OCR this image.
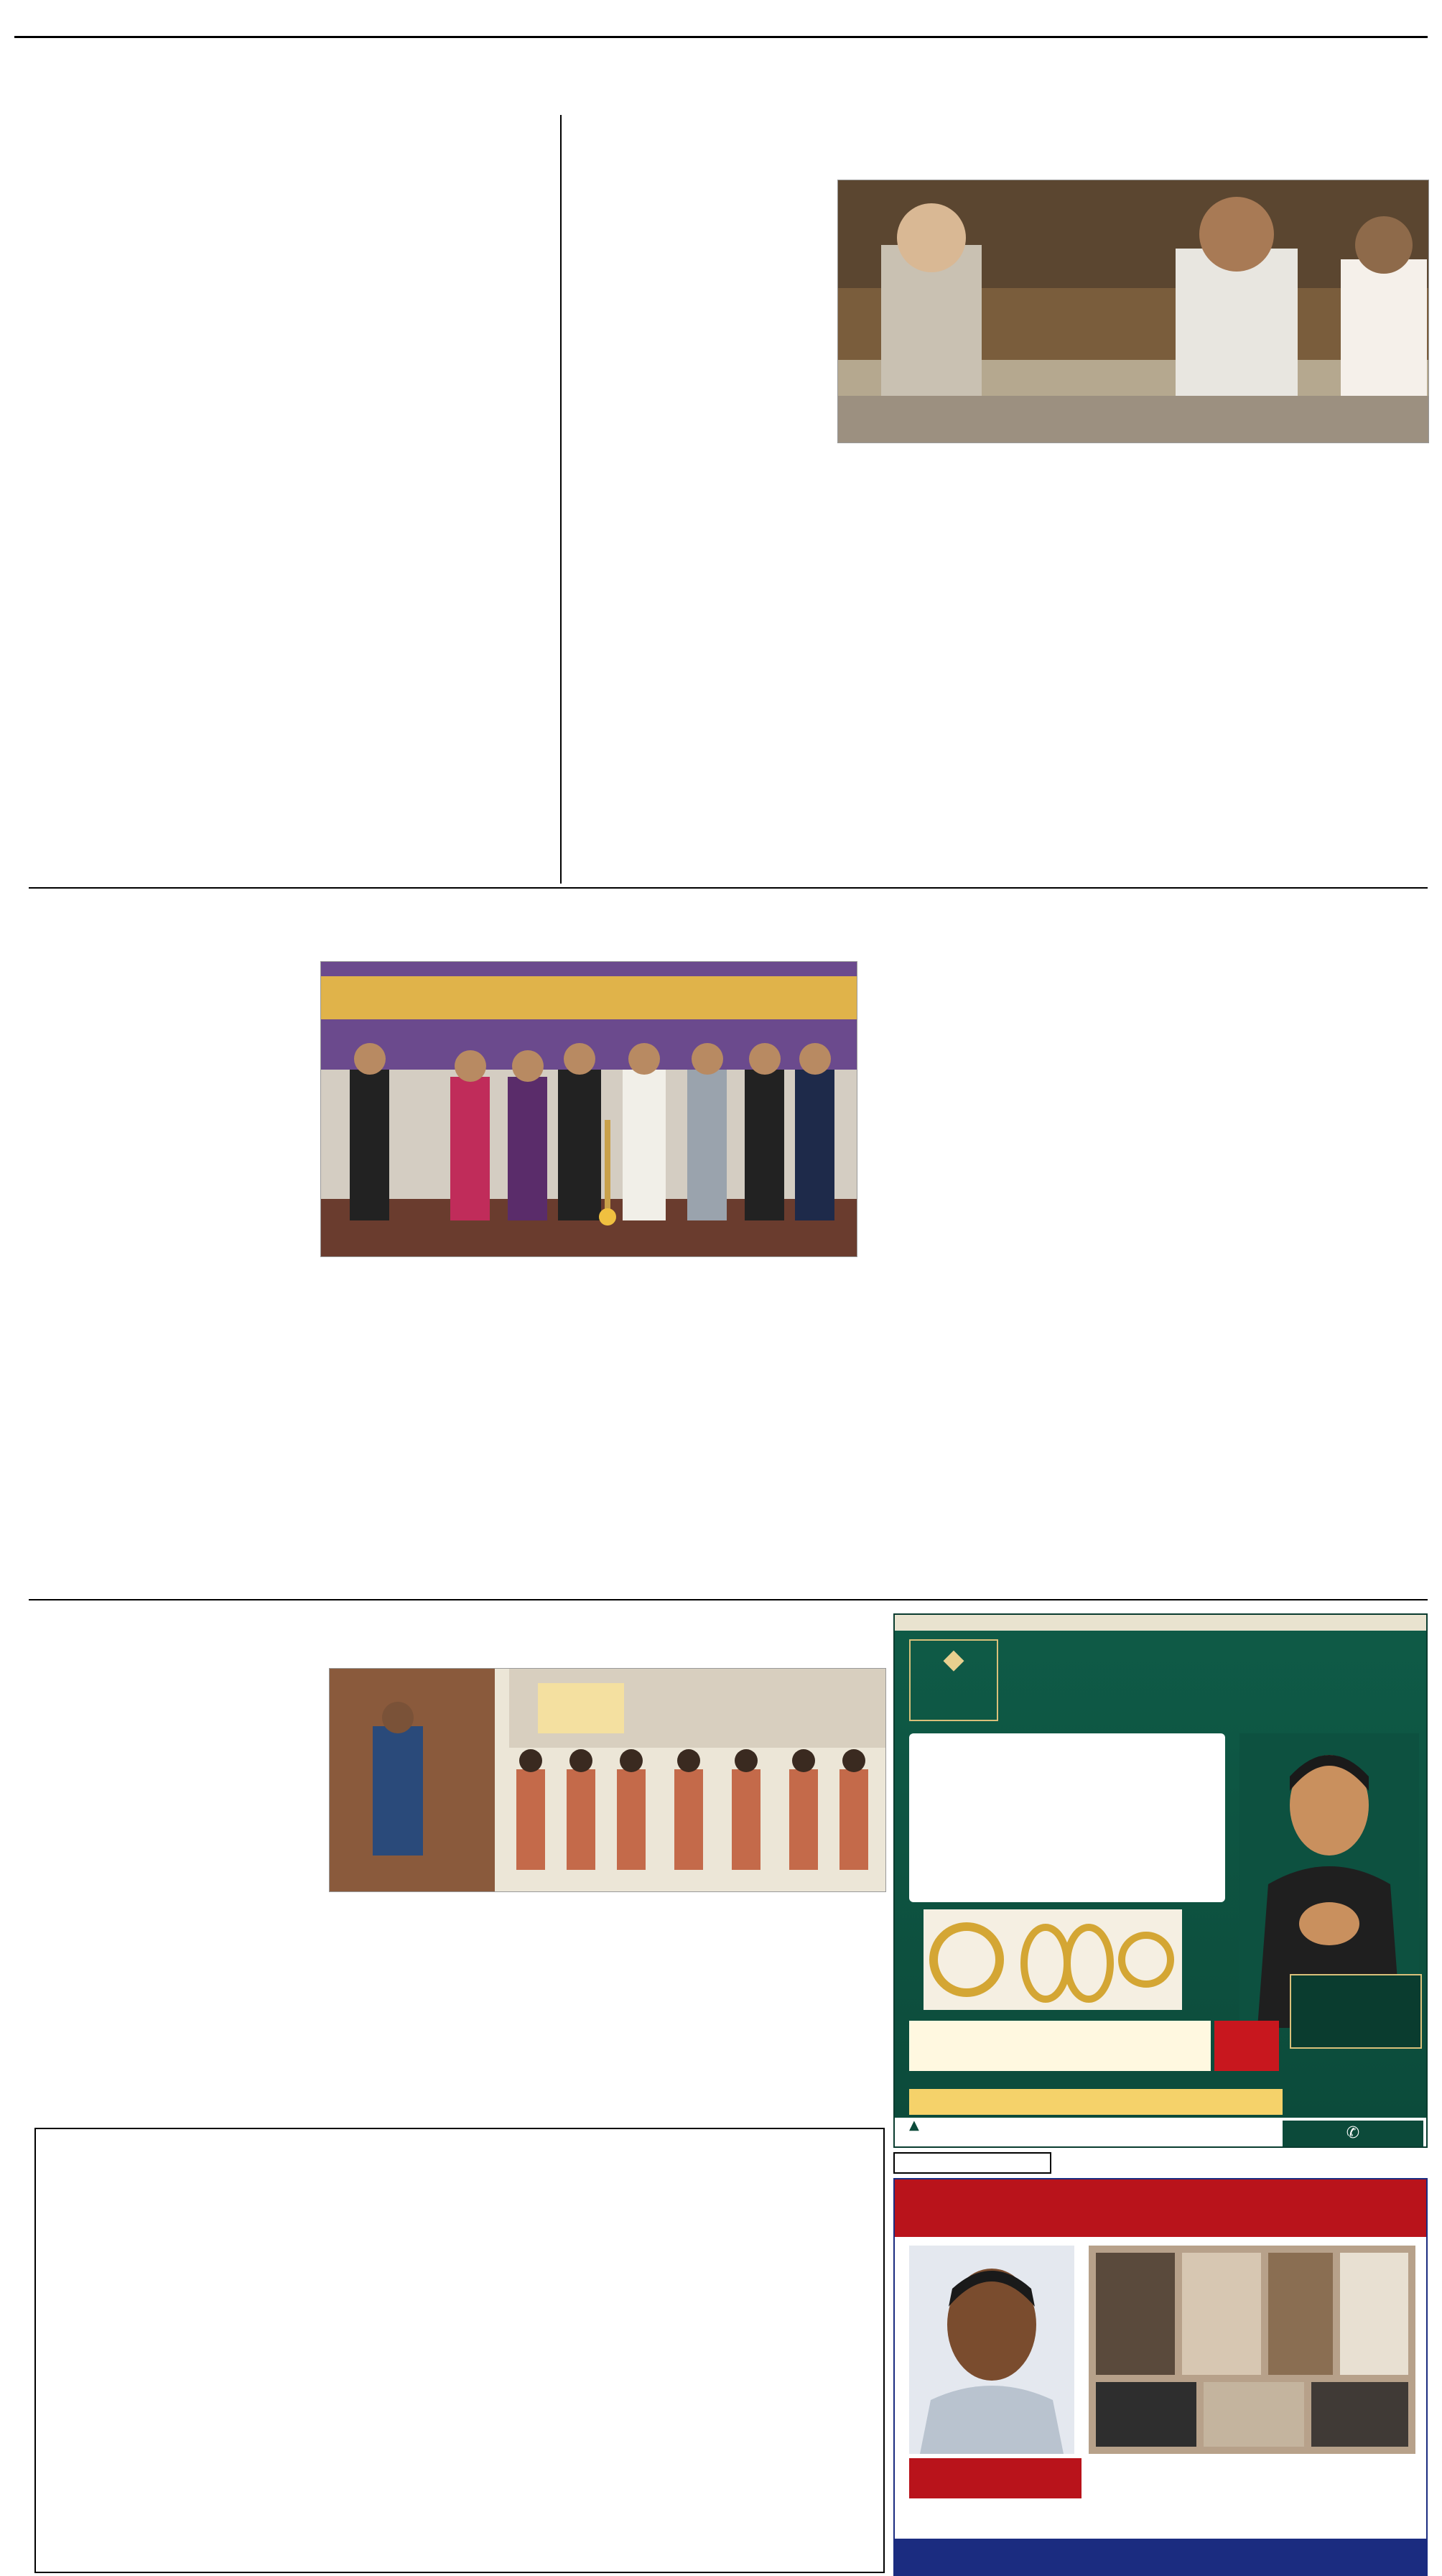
◆
▲	✆
